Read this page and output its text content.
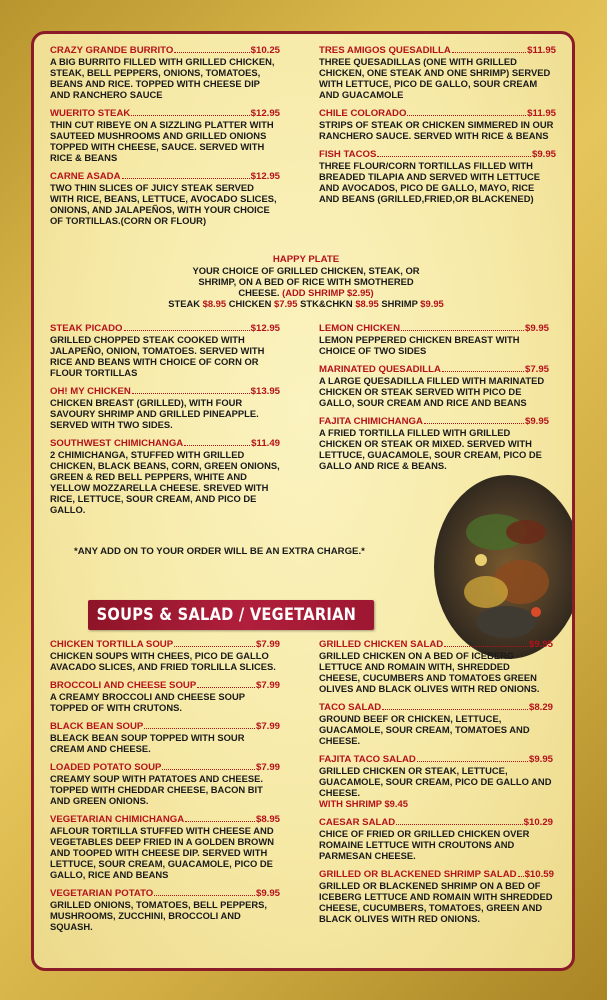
CRAZY GRANDE BURRITO	$10.25
A BIG BURRITO FILLED WITH GRILLED CHICKEN, STEAK, BELL PEPPERS, ONIONS, TOMATOES, BEANS AND RICE. TOPPED WITH CHEESE DIP AND RANCHERO SAUCE
WUERITO STEAK	$12.95
THIN CUT RIBEYE ON A SIZZLING PLATTER WITH SAUTEED MUSHROOMS AND GRILLED ONIONS TOPPED WITH CHEESE, SAUCE. SERVED WITH RICE & BEANS
CARNE ASADA	$12.95
TWO THIN SLICES OF JUICY STEAK SERVED WITH RICE, BEANS, LETTUCE, AVOCADO SLICES, ONIONS, AND JALAPEÑOS, WITH YOUR CHOICE OF TORTILLAS.(CORN OR FLOUR)
TRES AMIGOS QUESADILLA	$11.95
THREE QUESADILLAS (ONE WITH GRILLED CHICKEN, ONE STEAK AND ONE SHRIMP) SERVED WITH LETTUCE, PICO DE GALLO, SOUR CREAM AND GUACAMOLE
CHILE COLORADO	$11.95
STRIPS OF STEAK OR CHICKEN SIMMERED IN OUR RANCHERO SAUCE. SERVED WITH RICE & BEANS
FISH TACOS	$9.95
THREE FLOUR/CORN TORTILLAS FILLED WITH BREADED TILAPIA AND SERVED WITH LETTUCE AND AVOCADOS, PICO DE GALLO, MAYO, RICE AND BEANS (GRILLED,FRIED,OR BLACKENED)
HAPPY PLATE
YOUR CHOICE OF GRILLED CHICKEN, STEAK, OR
SHRIMP, ON A BED OF RICE WITH SMOTHERED
CHEESE. (ADD SHRIMP $2.95)
STEAK $8.95 CHICKEN $7.95 STK&CHKN $8.95 SHRIMP $9.95
STEAK PICADO	$12.95
GRILLED CHOPPED STEAK COOKED WITH JALAPEÑO, ONION, TOMATOES. SERVED WITH RICE AND BEANS WITH CHOICE OF CORN OR FLOUR TORTILLAS
OH! MY CHICKEN	$13.95
CHICKEN BREAST (GRILLED), WITH FOUR SAVOURY SHRIMP AND GRILLED PINEAPPLE. SERVED WITH TWO SIDES.
SOUTHWEST CHIMICHANGA	$11.49
2 CHIMICHANGA, STUFFED WITH GRILLED CHICKEN, BLACK BEANS, CORN, GREEN ONIONS, GREEN & RED BELL PEPPERS, WHITE AND YELLOW MOZZARELLA CHEESE. SREVED WITH RICE, LETTUCE, SOUR CREAM, AND PICO DE GALLO.
LEMON CHICKEN	$9.95
LEMON PEPPERED CHICKEN BREAST WITH CHOICE OF TWO SIDES
MARINATED QUESADILLA	$7.95
A LARGE QUESADILLA FILLED WITH MARINATED CHICKEN OR STEAK SERVED WITH PICO DE GALLO, SOUR CREAM AND RICE AND BEANS
FAJITA CHIMICHANGA	$9.95
A FRIED TORTILLA FILLED WITH GRILLED CHICKEN OR STEAK OR MIXED. SERVED WITH LETTUCE, GUACAMOLE, SOUR CREAM, PICO DE GALLO AND RICE & BEANS.
*ANY ADD ON TO YOUR ORDER WILL BE AN EXTRA CHARGE.*
SOUPS & SALAD / VEGETARIAN
CHICKEN TORTILLA SOUP	$7.99
CHICKEN SOUPS WITH CHEES, PICO DE GALLO AVACADO SLICES, AND FRIED TORLILLA SLICES.
BROCCOLI AND CHEESE SOUP	$7.99
A CREAMY BROCCOLI AND CHEESE SOUP TOPPED OF WITH CRUTONS.
BLACK BEAN SOUP	$7.99
BLEACK BEAN SOUP TOPPED WITH SOUR CREAM AND CHEESE.
LOADED POTATO SOUP	$7.99
CREAMY SOUP WITH PATATOES AND CHEESE. TOPPED WITH CHEDDAR CHEESE, BACON BIT AND GREEN ONIONS.
VEGETARIAN CHIMICHANGA	$8.95
AFLOUR TORTILLA STUFFED WITH CHEESE AND VEGETABLES DEEP FRIED IN A GOLDEN BROWN AND TOOPED WITH CHEESE DIP. SERVED WITH LETTUCE, SOUR CREAM, GUACAMOLE, PICO DE GALLO, RICE AND BEANS
VEGETARIAN POTATO	$9.95
GRILLED ONIONS, TOMATOES, BELL PEPPERS, MUSHROOMS, ZUCCHINI, BROCCOLI AND SQUASH.
GRILLED CHICKEN SALAD	$9.95
GRILLED CHICKEN ON A BED OF ICEBERG LETTUCE AND ROMAIN WITH, SHREDDED CHEESE, CUCUMBERS AND TOMATOES GREEN OLIVES AND BLACK OLIVES WITH RED ONIONS.
TACO SALAD	$8.29
GROUND BEEF OR CHICKEN, LETTUCE, GUACAMOLE, SOUR CREAM, TOMATOES AND CHEESE.
FAJITA TACO SALAD	$9.95
GRILLED CHICKEN OR STEAK, LETTUCE, GUACAMOLE, SOUR CREAM, PICO DE GALLO AND CHEESE.
WITH SHRIMP $9.45
CAESAR SALAD	$10.29
CHICE OF FRIED OR GRILLED CHICKEN OVER ROMAINE LETTUCE WITH CROUTONS AND PARMESAN CHEESE.
GRILLED OR BLACKENED SHRIMP SALAD $10.59
GRILLED OR BLACKENED SHRIMP ON A BED OF ICEBERG LETTUCE AND ROMAIN WITH SHREDDED CHEESE, CUCUMBERS, TOMATOES, GREEN AND BLACK OLIVES WITH RED ONIONS.
